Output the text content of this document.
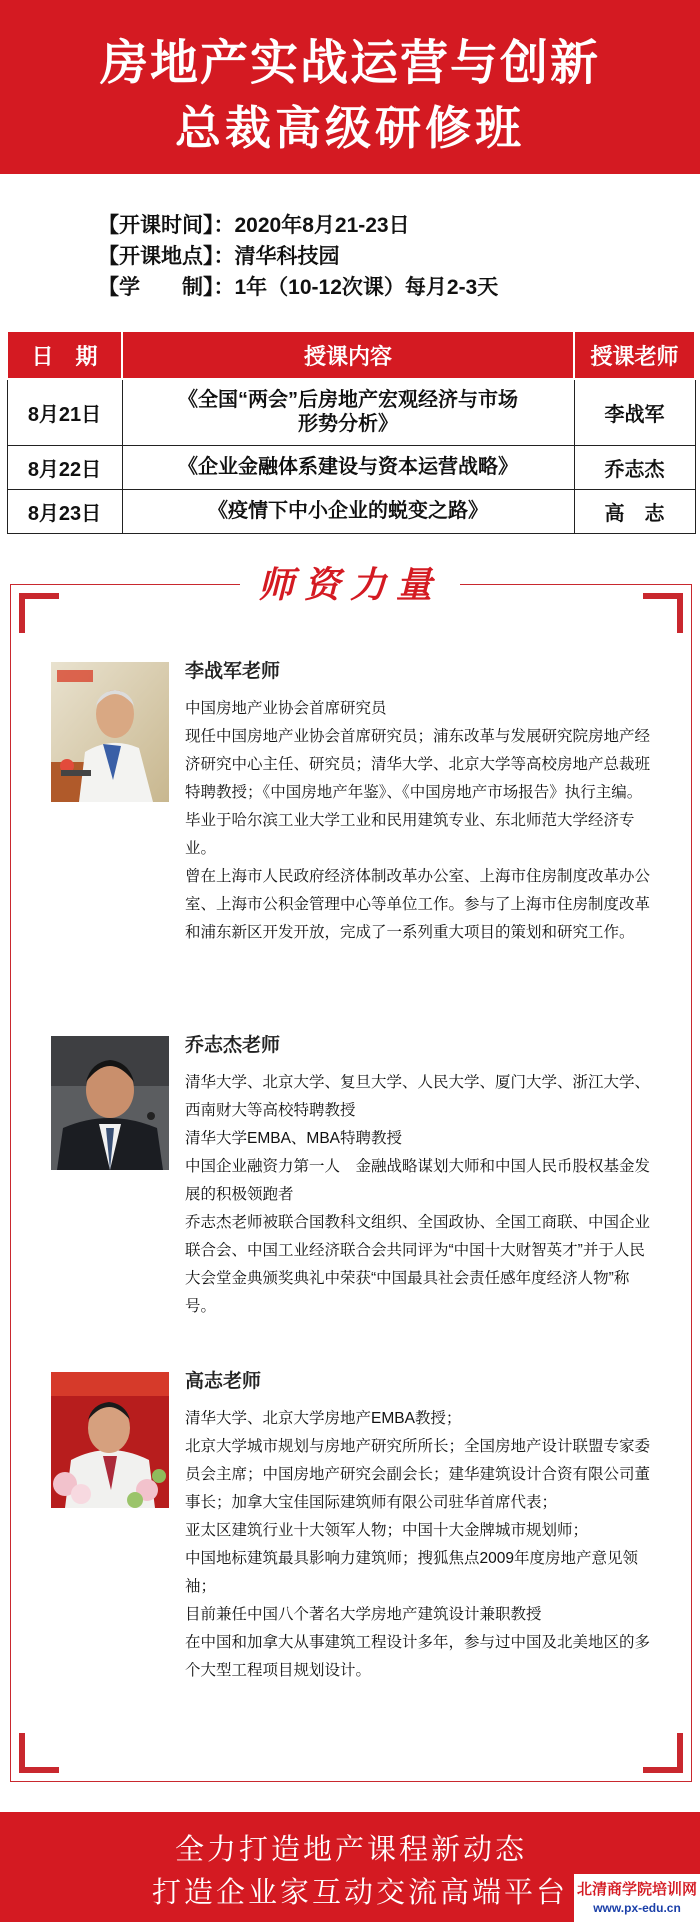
房地产实战运营与创新
总裁高级研修班
【开课时间】：2020年8月21-23日
【开课地点】：清华科技园
【学　　制】：1年（10-12次课）每月2-3天
日　期	授课内容	授课老师
8月21日	《全国“两会”后房地产宏观经济与市场形势分析》	李战军
8月22日	《企业金融体系建设与资本运营战略》	乔志杰
8月23日	《疫情下中小企业的蜕变之路》	高　志
师资力量
李战军老师
中国房地产业协会首席研究员
现任中国房地产业协会首席研究员；浦东改革与发展研究院房地产经济研究中心主任、研究员；清华大学、北京大学等高校房地产总裁班特聘教授；《中国房地产年鉴》、《中国房地产市场报告》执行主编。毕业于哈尔滨工业大学工业和民用建筑专业、东北师范大学经济专业。
曾在上海市人民政府经济体制改革办公室、上海市住房制度改革办公室、上海市公积金管理中心等单位工作。参与了上海市住房制度改革和浦东新区开发开放，完成了一系列重大项目的策划和研究工作。
乔志杰老师
清华大学、北京大学、复旦大学、人民大学、厦门大学、浙江大学、西南财大等高校特聘教授
清华大学EMBA、MBA特聘教授
中国企业融资力第一人　金融战略谋划大师和中国人民币股权基金发展的积极领跑者
乔志杰老师被联合国教科文组织、全国政协、全国工商联、中国企业联合会、中国工业经济联合会共同评为“中国十大财智英才”并于人民大会堂金典颁奖典礼中荣获“中国最具社会责任感年度经济人物”称号。
高志老师
清华大学、北京大学房地产EMBA教授；
北京大学城市规划与房地产研究所所长；全国房地产设计联盟专家委员会主席；中国房地产研究会副会长；建华建筑设计合资有限公司董事长；加拿大宝佳国际建筑师有限公司驻华首席代表；
亚太区建筑行业十大领军人物；中国十大金牌城市规划师；
中国地标建筑最具影响力建筑师；搜狐焦点2009年度房地产意见领袖；
目前兼任中国八个著名大学房地产建筑设计兼职教授
在中国和加拿大从事建筑工程设计多年，参与过中国及北美地区的多个大型工程项目规划设计。
全力打造地产课程新动态
打造企业家互动交流高端平台 北清商学院培训网
www.px-edu.cn
